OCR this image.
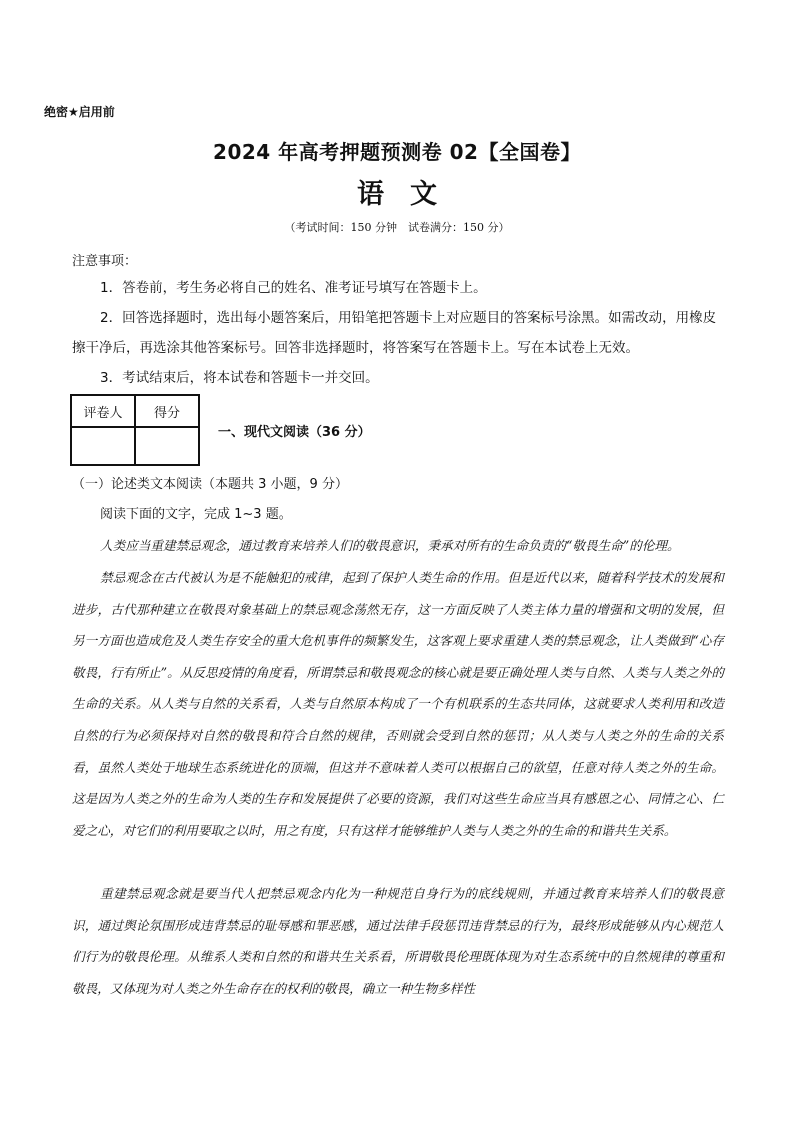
绝密★启用前
2024 年高考押题预测卷 02【全国卷】
语文
（考试时间：150 分钟　试卷满分：150 分）
注意事项：
1．答卷前，考生务必将自己的姓名、准考证号填写在答题卡上。
2．回答选择题时，选出每小题答案后，用铅笔把答题卡上对应题目的答案标号涂黑。如需改动，用橡皮擦干净后，再选涂其他答案标号。回答非选择题时，将答案写在答题卡上。写在本试卷上无效。
3．考试结束后，将本试卷和答题卡一并交回。
评卷人	得分

一、现代文阅读（36 分）
（一）论述类文本阅读（本题共 3 小题，9 分）
阅读下面的文字，完成 1~3 题。
人类应当重建禁忌观念，通过教育来培养人们的敬畏意识，秉承对所有的生命负责的“敬畏生命”的伦理。
禁忌观念在古代被认为是不能触犯的戒律，起到了保护人类生命的作用。但是近代以来，随着科学技术的发展和进步，古代那种建立在敬畏对象基础上的禁忌观念荡然无存，这一方面反映了人类主体力量的增强和文明的发展，但另一方面也造成危及人类生存安全的重大危机事件的频繁发生，这客观上要求重建人类的禁忌观念，让人类做到“心存敬畏，行有所止”。从反思疫情的角度看，所谓禁忌和敬畏观念的核心就是要正确处理人类与自然、人类与人类之外的生命的关系。从人类与自然的关系看，人类与自然原本构成了一个有机联系的生态共同体，这就要求人类利用和改造自然的行为必须保持对自然的敬畏和符合自然的规律，否则就会受到自然的惩罚；从人类与人类之外的生命的关系看，虽然人类处于地球生态系统进化的顶端，但这并不意味着人类可以根据自己的欲望，任意对待人类之外的生命。这是因为人类之外的生命为人类的生存和发展提供了必要的资源，我们对这些生命应当具有感恩之心、同情之心、仁爱之心，对它们的利用要取之以时，用之有度，只有这样才能够维护人类与人类之外的生命的和谐共生关系。
重建禁忌观念就是要当代人把禁忌观念内化为一种规范自身行为的底线规则，并通过教育来培养人们的敬畏意识，通过舆论氛围形成违背禁忌的耻辱感和罪恶感，通过法律手段惩罚违背禁忌的行为，最终形成能够从内心规范人们行为的敬畏伦理。从维系人类和自然的和谐共生关系看，所谓敬畏伦理既体现为对生态系统中的自然规律的尊重和敬畏，又体现为对人类之外生命存在的权利的敬畏，确立一种生物多样性
